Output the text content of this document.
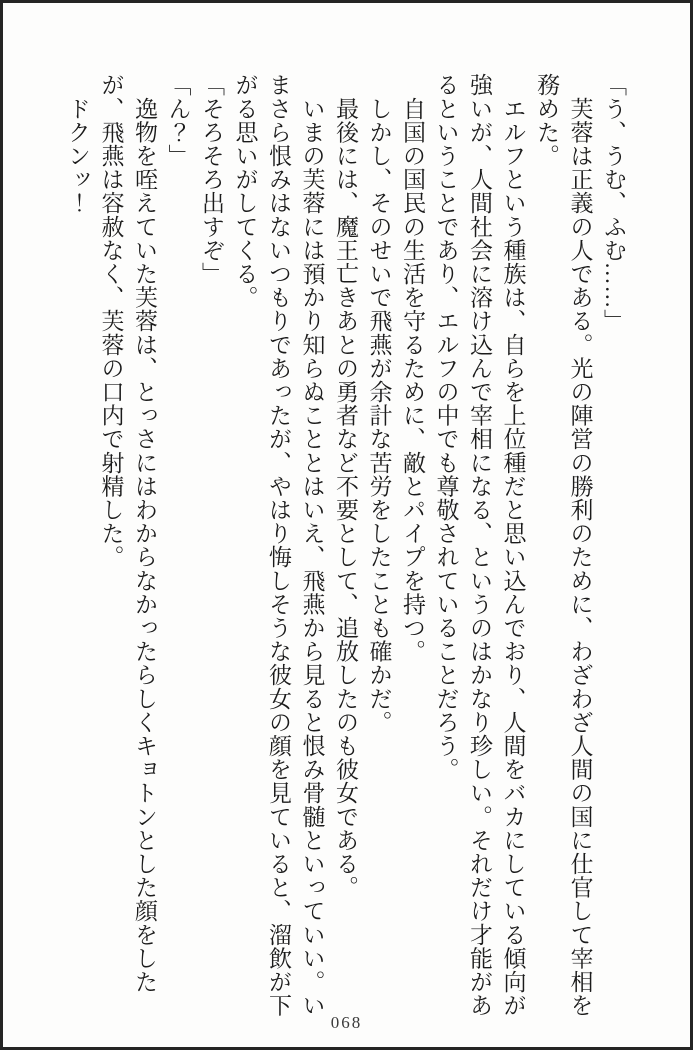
「う、うむ、ふむ……」

　芙蓉は正義の人である。光の陣営の勝利のために、わざわざ人間の国に仕官して宰相を務めた。

　エルフという種族は、自らを上位種だと思い込んでおり、人間をバカにしている傾向が強いが、人間社会に溶け込んで宰相になる、というのはかなり珍しい。それだけ才能があるということであり、エルフの中でも尊敬されていることだろう。

　自国の国民の生活を守るために、敵とパイプを持つ。

　しかし、そのせいで飛燕が余計な苦労をしたことも確かだ。

　最後には、魔王亡きあとの勇者など不要として、追放したのも彼女である。

　いまの芙蓉には預かり知らぬこととはいえ、飛燕から見ると恨み骨髄といっていい。いまさら恨みはないつもりであったが、やはり悔しそうな彼女の顔を見ていると、溜飲が下がる思いがしてくる。

「そろそろ出すぞ」

「ん？」

　逸物を咥えていた芙蓉は、とっさにはわからなかったらしくキョトンとした顔をしたが、飛燕は容赦なく、芙蓉の口内で射精した。

　ドクンッ！

068
